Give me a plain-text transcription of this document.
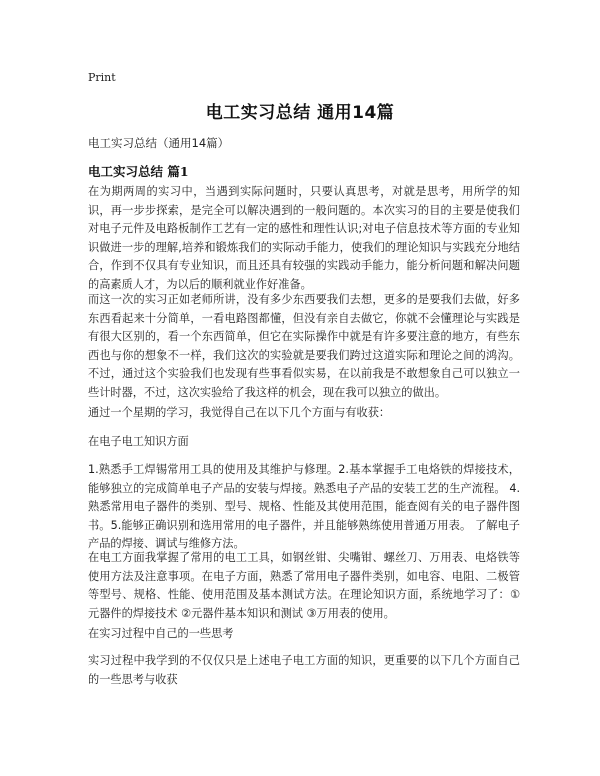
Print
电工实习总结 通用14篇
电工实习总结（通用14篇）
电工实习总结 篇1

在为期两周的实习中，当遇到实际问题时，只要认真思考，对就是思考，用所学的知识，再一步步探索，是完全可以解决遇到的一般问题的。本次实习的目的主要是使我们对电子元件及电路板制作工艺有一定的感性和理性认识;对电子信息技术等方面的专业知识做进一步的理解,培养和锻炼我们的实际动手能力，使我们的理论知识与实践充分地结合，作到不仅具有专业知识，而且还具有较强的实践动手能力，能分析问题和解决问题的高素质人才，为以后的顺利就业作好准备。

而这一次的实习正如老师所讲，没有多少东西要我们去想，更多的是要我们去做，好多东西看起来十分简单，一看电路图都懂，但没有亲自去做它，你就不会懂理论与实践是有很大区别的，看一个东西简单，但它在实际操作中就是有许多要注意的地方，有些东西也与你的想象不一样，我们这次的实验就是要我们跨过这道实际和理论之间的鸿沟。不过，通过这个实验我们也发现有些事看似实易，在以前我是不敢想象自己可以独立一些计时器，不过，这次实验给了我这样的机会，现在我可以独立的做出。

通过一个星期的学习，我觉得自己在以下几个方面与有收获：

在电子电工知识方面

1.熟悉手工焊锡常用工具的使用及其维护与修理。2.基本掌握手工电烙铁的焊接技术，能够独立的完成简单电子产品的安装与焊接。熟悉电子产品的安装工艺的生产流程。 4.熟悉常用电子器件的类别、型号、规格、性能及其使用范围，能查阅有关的电子器件图书。5.能够正确识别和选用常用的电子器件，并且能够熟练使用普通万用表。 了解电子产品的焊接、调试与维修方法。

在电工方面我掌握了常用的电工工具，如钢丝钳、尖嘴钳、螺丝刀、万用表、电烙铁等使用方法及注意事项。在电子方面，熟悉了常用电子器件类别，如电容、电阻、二极管等型号、规格、性能、使用范围及基本测试方法。在理论知识方面，系统地学习了：①元器件的焊接技术 ②元器件基本知识和测试 ③万用表的使用。

在实习过程中自己的一些思考

实习过程中我学到的不仅仅只是上述电子电工方面的知识，更重要的以下几个方面自己的一些思考与收获
